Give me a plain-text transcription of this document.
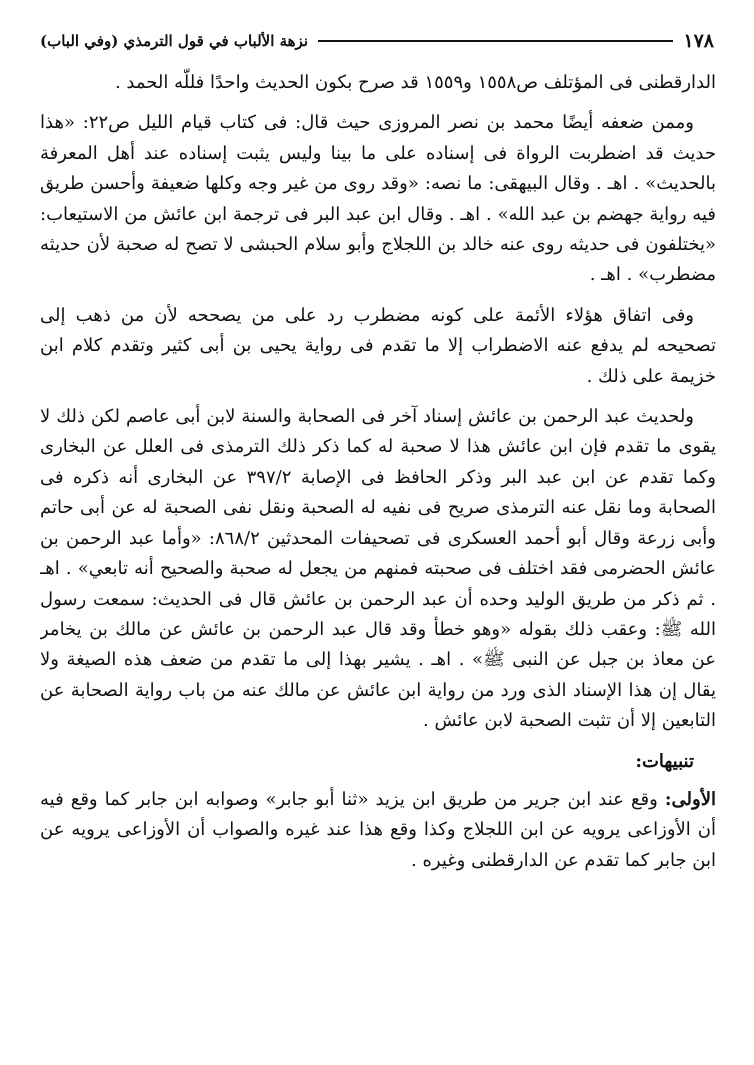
١٧٨
نزهة الألباب في قول الترمذي (وفي الباب)

الدارقطنى فى المؤتلف ص١٥٥٨ و١٥٥٩ قد صرح بكون الحديث واحدًا فللّه الحمد .

وممن ضعفه أيضًا محمد بن نصر المروزى حيث قال: فى كتاب قيام الليل ص٢٢: «هذا حديث قد اضطربت الرواة فى إسناده على ما بينا وليس يثبت إسناده عند أهل المعرفة بالحديث» . اهـ . وقال البيهقى: ما نصه: «وقد روى من غير وجه وكلها ضعيفة وأحسن طريق فيه رواية جهضم بن عبد الله» . اهـ . وقال ابن عبد البر فى ترجمة ابن عائش من الاستيعاب: «يختلفون فى حديثه روى عنه خالد بن اللجلاج وأبو سلام الحبشى لا تصح له صحبة لأن حديثه مضطرب» . اهـ .

وفى اتفاق هؤلاء الأئمة على كونه مضطرب رد على من يصححه لأن من ذهب إلى تصحيحه لم يدفع عنه الاضطراب إلا ما تقدم فى رواية يحيى بن أبى كثير وتقدم كلام ابن خزيمة على ذلك .

ولحديث عبد الرحمن بن عائش إسناد آخر فى الصحابة والسنة لابن أبى عاصم لكن ذلك لا يقوى ما تقدم فإن ابن عائش هذا لا صحبة له كما ذكر ذلك الترمذى فى العلل عن البخارى وكما تقدم عن ابن عبد البر وذكر الحافظ فى الإصابة ٣٩٧/٢ عن البخارى أنه ذكره فى الصحابة وما نقل عنه الترمذى صريح فى نفيه له الصحبة ونقل نفى الصحبة له عن أبى حاتم وأبى زرعة وقال أبو أحمد العسكرى فى تصحيفات المحدثين ٨٦٨/٢: «وأما عبد الرحمن بن عائش الحضرمى فقد اختلف فى صحبته فمنهم من يجعل له صحبة والصحيح أنه تابعي» . اهـ . ثم ذكر من طريق الوليد وحده أن عبد الرحمن بن عائش قال فى الحديث: سمعت رسول الله ﷺ: وعقب ذلك بقوله «وهو خطأ وقد قال عبد الرحمن بن عائش عن مالك بن يخامر عن معاذ بن جبل عن النبى ﷺ» . اهـ . يشير بهذا إلى ما تقدم من ضعف هذه الصيغة ولا يقال إن هذا الإسناد الذى ورد من رواية ابن عائش عن مالك عنه من باب رواية الصحابة عن التابعين إلا أن تثبت الصحبة لابن عائش .

تنبيهات:

الأولى: وقع عند ابن جرير من طريق ابن يزيد «ثنا أبو جابر» وصوابه ابن جابر كما وقع فيه أن الأوزاعى يرويه عن ابن اللجلاج وكذا وقع هذا عند غيره والصواب أن الأوزاعى يرويه عن ابن جابر كما تقدم عن الدارقطنى وغيره .
